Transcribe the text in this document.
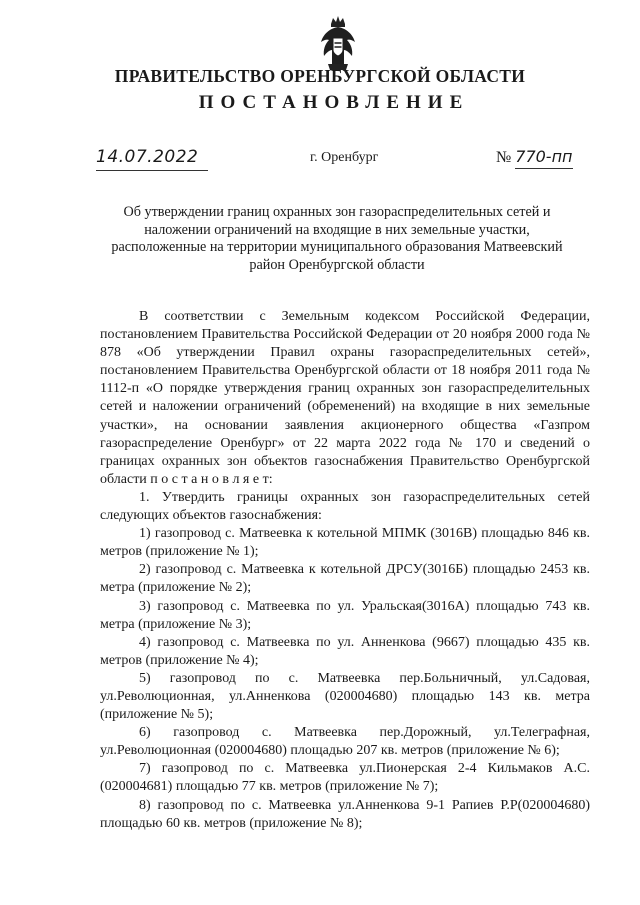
ПРАВИТЕЛЬСТВО ОРЕНБУРГСКОЙ ОБЛАСТИ
ПОСТАНОВЛЕНИЕ
14.07.2022	г. Оренбург	№ 770-пп
Об утверждении границ охранных зон газораспределительных сетей и наложении ограничений на входящие в них земельные участки, расположенные на территории муниципального образования Матвеевский район Оренбургской области

В соответствии с Земельным кодексом Российской Федерации, постановлением Правительства Российской Федерации от 20 ноября 2000 года № 878 «Об утверждении Правил охраны газораспределительных сетей», постановлением Правительства Оренбургской области от 18 ноября 2011 года № 1112-п «О порядке утверждения границ охранных зон газораспределительных сетей и наложении ограничений (обременений) на входящие в них земельные участки», на основании заявления акционерного общества «Газпром газораспределение Оренбург» от 22 марта 2022 года № 170 и сведений о границах охранных зон объектов газоснабжения Правительство Оренбургской области п о с т а н о в л я е т:

1. Утвердить границы охранных зон газораспределительных сетей следующих объектов газоснабжения:

1) газопровод с. Матвеевка к котельной МПМК (3016В) площадью 846 кв. метров (приложение № 1);

2) газопровод с. Матвеевка к котельной ДРСУ(3016Б) площадью 2453 кв. метра (приложение № 2);

3) газопровод с. Матвеевка по ул. Уральская(3016А) площадью 743 кв. метра (приложение № 3);

4) газопровод с. Матвеевка по ул. Анненкова (9667) площадью 435 кв. метров (приложение № 4);

5) газопровод по с. Матвеевка пер.Больничный, ул.Садовая, ул.Революционная, ул.Анненкова (020004680) площадью 143 кв. метра (приложение № 5);

6) газопровод с. Матвеевка пер.Дорожный, ул.Телеграфная, ул.Революционная (020004680) площадью 207 кв. метров (приложение № 6);

7) газопровод по с. Матвеевка ул.Пионерская 2-4 Кильмаков А.С. (020004681) площадью 77 кв. метров (приложение № 7);

8) газопровод по с. Матвеевка ул.Анненкова 9-1 Рапиев Р.Р(020004680) площадью 60 кв. метров (приложение № 8);
